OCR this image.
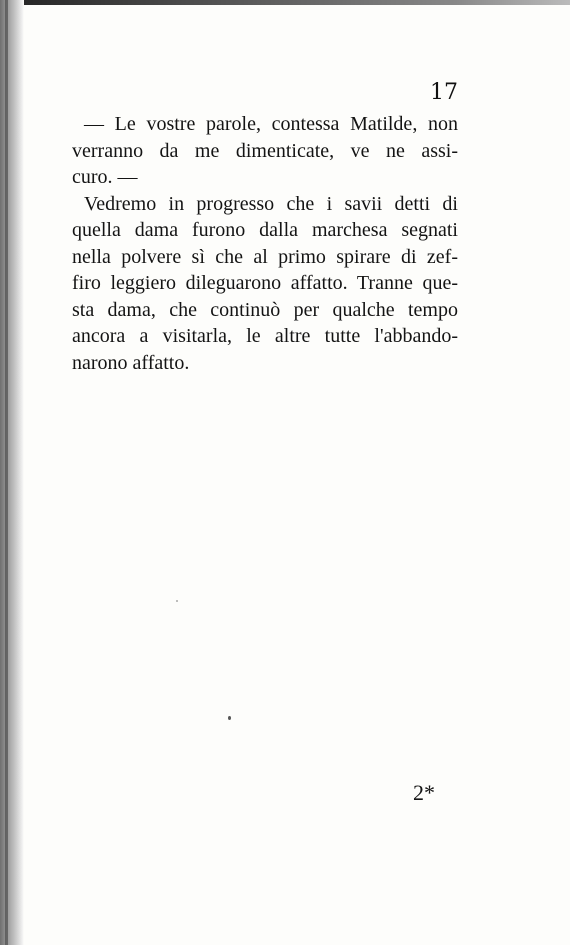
17

— Le vostre parole, contessa Matilde, non
verranno da me dimenticate, ve ne assi-
curo. —
Vedremo in progresso che i savii detti di
quella dama furono dalla marchesa segnati
nella polvere sì che al primo spirare di zef-
firo leggiero dileguarono affatto. Tranne que-
sta dama, che continuò per qualche tempo
ancora a visitarla, le altre tutte l'abbando-
narono affatto.

2*
